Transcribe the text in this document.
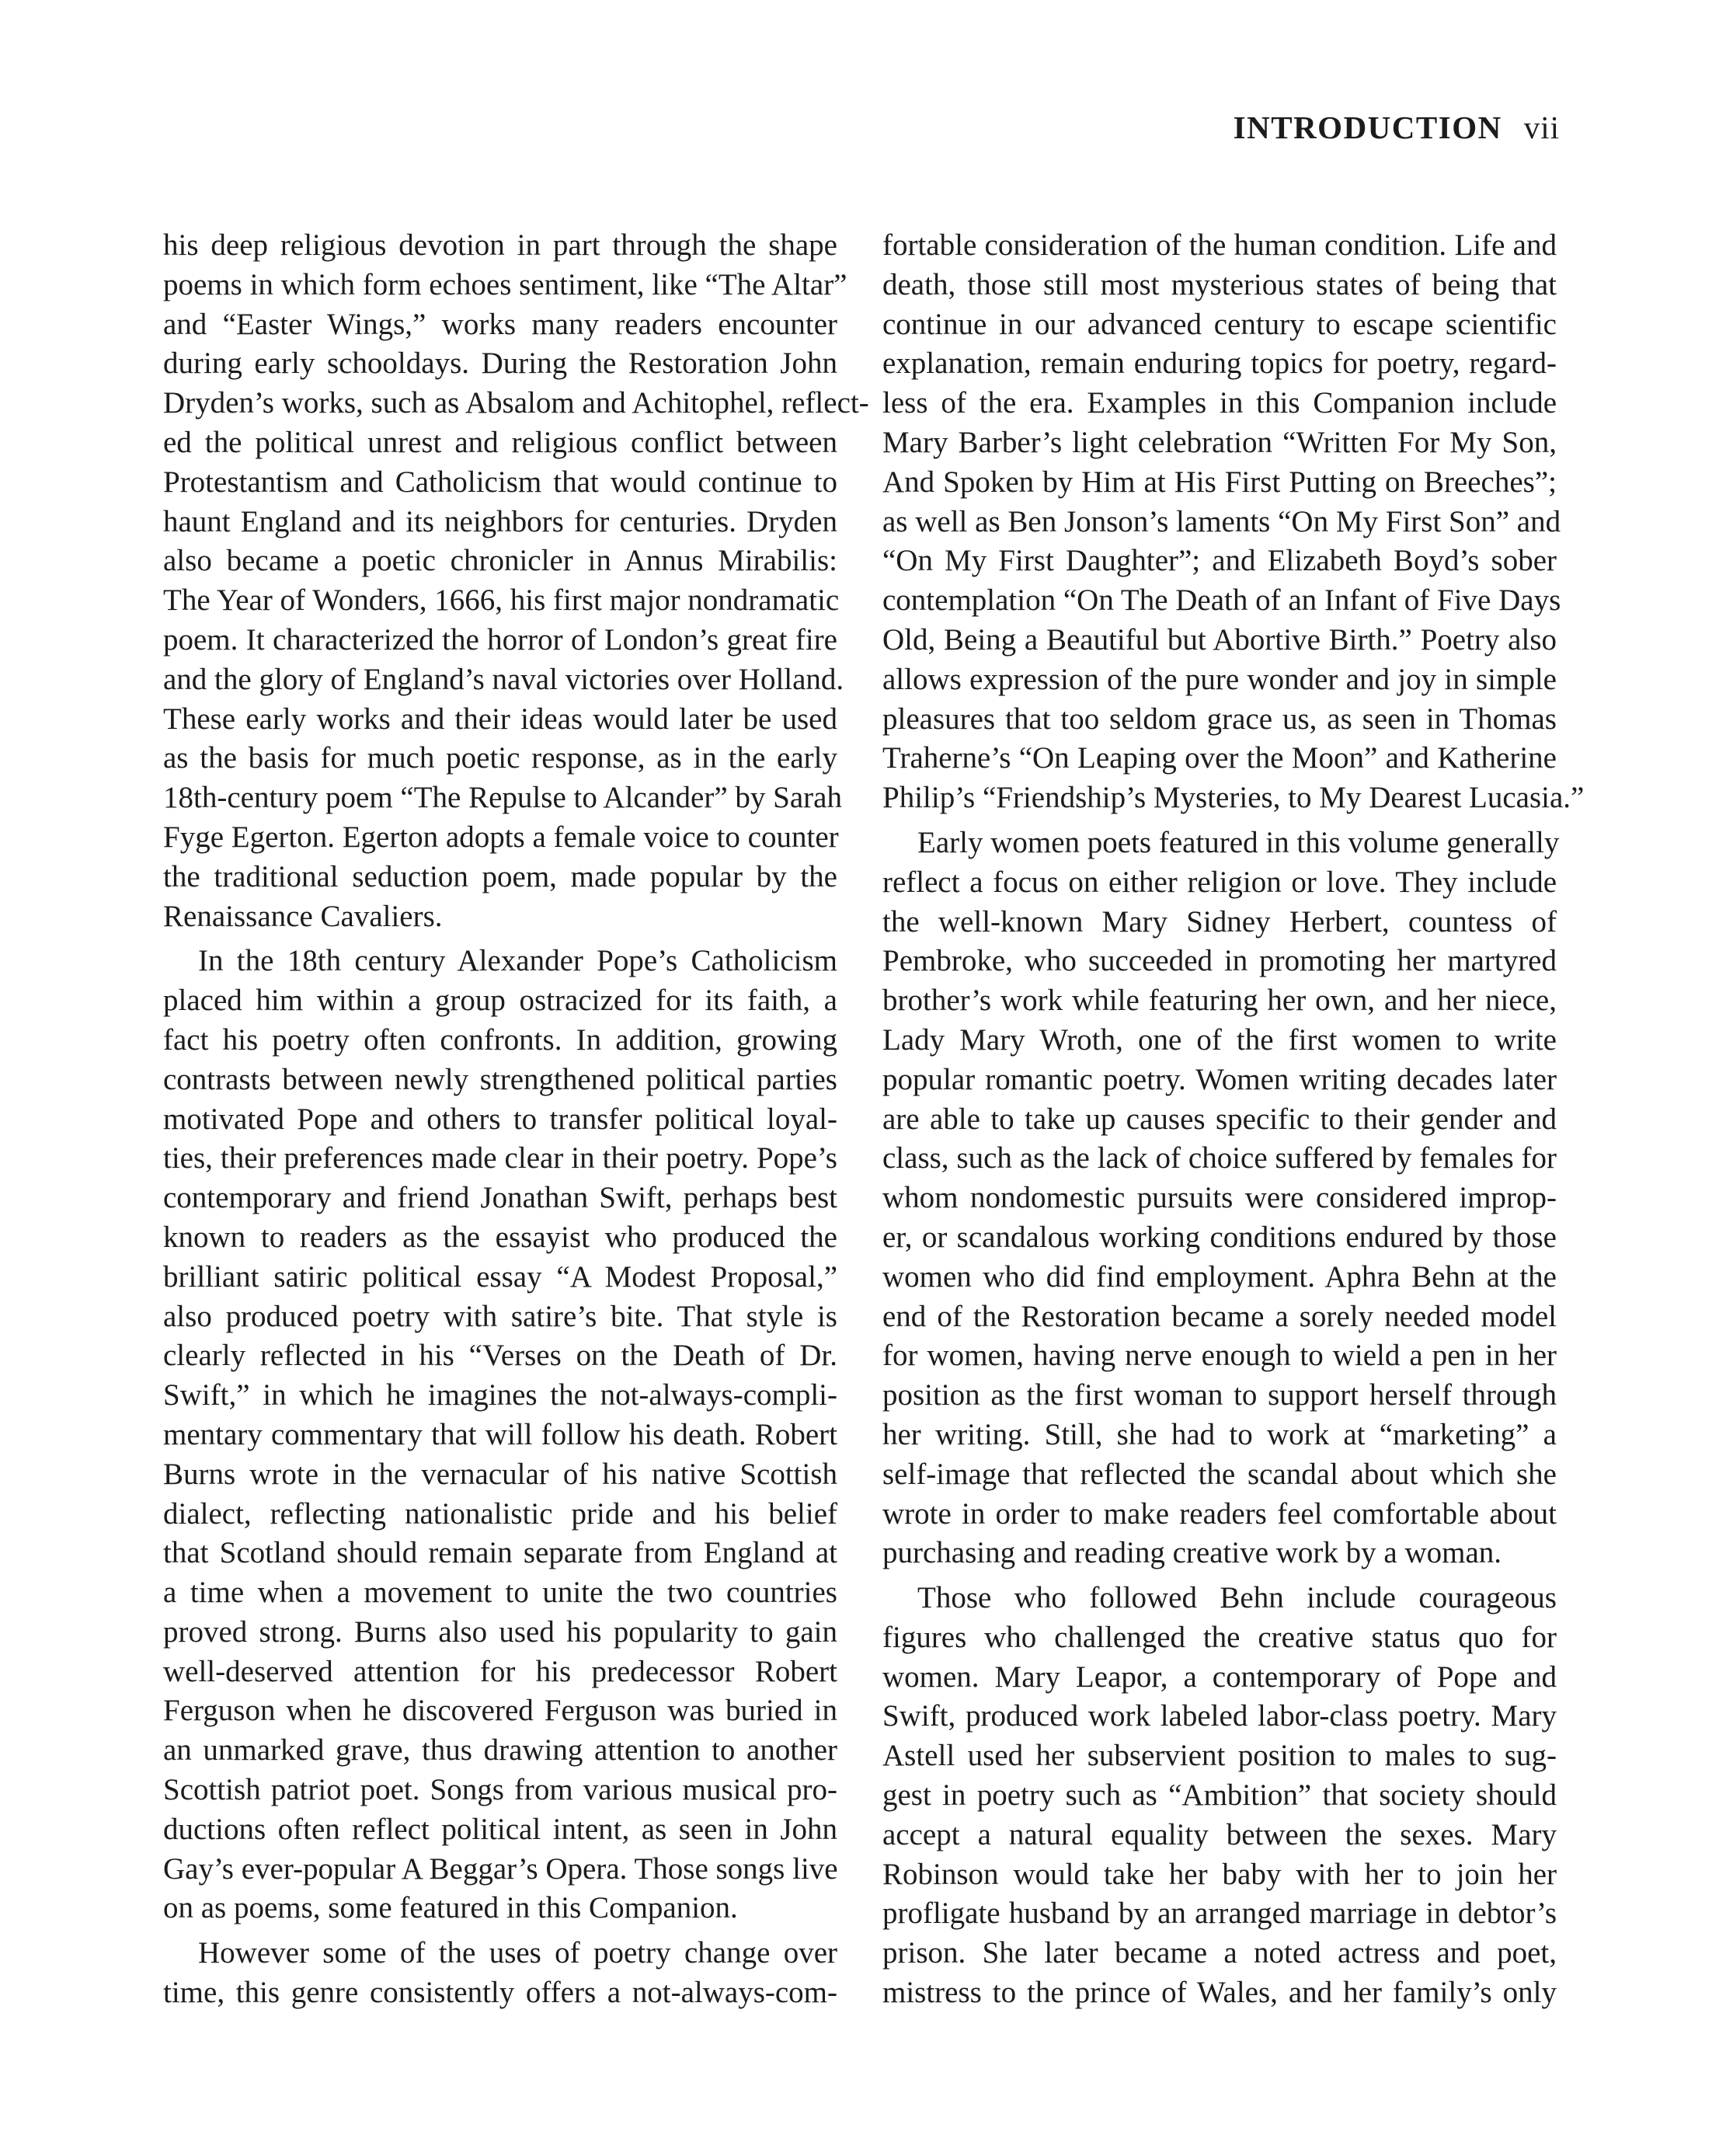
INTRODUCTION vii
his deep religious devotion in part through the shape
poems in which form echoes sentiment, like “The Altar”
and “Easter Wings,” works many readers encounter
during early schooldays. During the Restoration John
Dryden’s works, such as Absalom and Achitophel, reflect-
ed the political unrest and religious conflict between
Protestantism and Catholicism that would continue to
haunt England and its neighbors for centuries. Dryden
also became a poetic chronicler in Annus Mirabilis:
The Year of Wonders, 1666, his first major nondramatic
poem. It characterized the horror of London’s great fire
and the glory of England’s naval victories over Holland.
These early works and their ideas would later be used
as the basis for much poetic response, as in the early
18th-century poem “The Repulse to Alcander” by Sarah
Fyge Egerton. Egerton adopts a female voice to counter
the traditional seduction poem, made popular by the
Renaissance Cavaliers.
In the 18th century Alexander Pope’s Catholicism
placed him within a group ostracized for its faith, a
fact his poetry often confronts. In addition, growing
contrasts between newly strengthened political parties
motivated Pope and others to transfer political loyal-
ties, their preferences made clear in their poetry. Pope’s
contemporary and friend Jonathan Swift, perhaps best
known to readers as the essayist who produced the
brilliant satiric political essay “A Modest Proposal,”
also produced poetry with satire’s bite. That style is
clearly reflected in his “Verses on the Death of Dr.
Swift,” in which he imagines the not-always-compli-
mentary commentary that will follow his death. Robert
Burns wrote in the vernacular of his native Scottish
dialect, reflecting nationalistic pride and his belief
that Scotland should remain separate from England at
a time when a movement to unite the two countries
proved strong. Burns also used his popularity to gain
well-deserved attention for his predecessor Robert
Ferguson when he discovered Ferguson was buried in
an unmarked grave, thus drawing attention to another
Scottish patriot poet. Songs from various musical pro-
ductions often reflect political intent, as seen in John
Gay’s ever-popular A Beggar’s Opera. Those songs live
on as poems, some featured in this Companion.
However some of the uses of poetry change over
time, this genre consistently offers a not-always-com-
fortable consideration of the human condition. Life and
death, those still most mysterious states of being that
continue in our advanced century to escape scientific
explanation, remain enduring topics for poetry, regard-
less of the era. Examples in this Companion include
Mary Barber’s light celebration “Written For My Son,
And Spoken by Him at His First Putting on Breeches”;
as well as Ben Jonson’s laments “On My First Son” and
“On My First Daughter”; and Elizabeth Boyd’s sober
contemplation “On The Death of an Infant of Five Days
Old, Being a Beautiful but Abortive Birth.” Poetry also
allows expression of the pure wonder and joy in simple
pleasures that too seldom grace us, as seen in Thomas
Traherne’s “On Leaping over the Moon” and Katherine
Philip’s “Friendship’s Mysteries, to My Dearest Lucasia.”
Early women poets featured in this volume generally
reflect a focus on either religion or love. They include
the well-known Mary Sidney Herbert, countess of
Pembroke, who succeeded in promoting her martyred
brother’s work while featuring her own, and her niece,
Lady Mary Wroth, one of the first women to write
popular romantic poetry. Women writing decades later
are able to take up causes specific to their gender and
class, such as the lack of choice suffered by females for
whom nondomestic pursuits were considered improp-
er, or scandalous working conditions endured by those
women who did find employment. Aphra Behn at the
end of the Restoration became a sorely needed model
for women, having nerve enough to wield a pen in her
position as the first woman to support herself through
her writing. Still, she had to work at “marketing” a
self-image that reflected the scandal about which she
wrote in order to make readers feel comfortable about
purchasing and reading creative work by a woman.
Those who followed Behn include courageous
figures who challenged the creative status quo for
women. Mary Leapor, a contemporary of Pope and
Swift, produced work labeled labor-class poetry. Mary
Astell used her subservient position to males to sug-
gest in poetry such as “Ambition” that society should
accept a natural equality between the sexes. Mary
Robinson would take her baby with her to join her
profligate husband by an arranged marriage in debtor’s
prison. She later became a noted actress and poet,
mistress to the prince of Wales, and her family’s only
